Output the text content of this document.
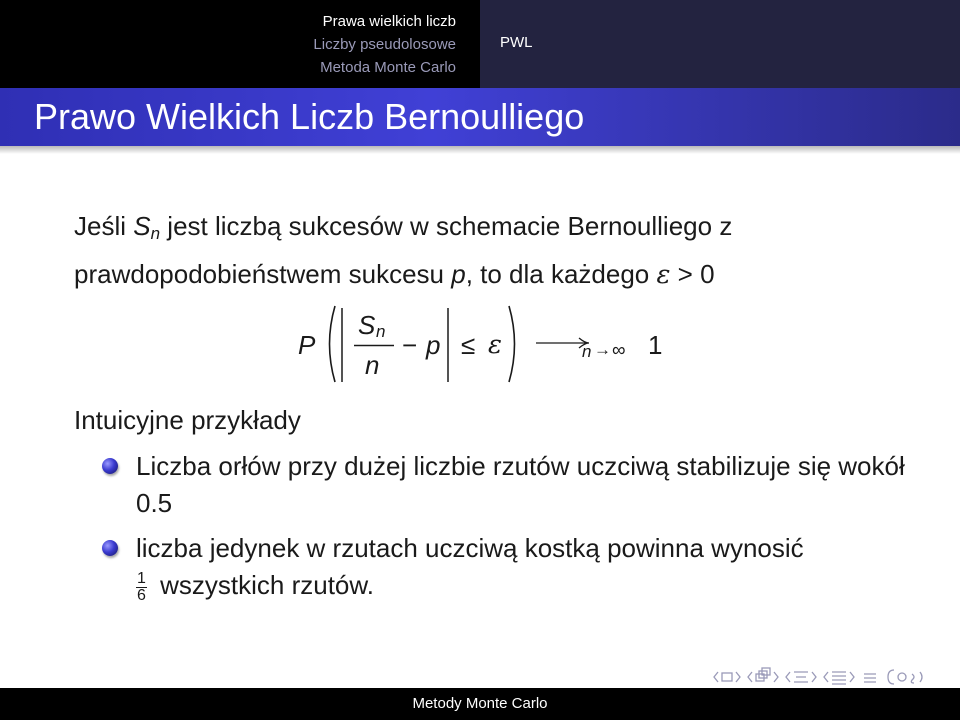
Prawa wielkich liczb
Liczby pseudolosowe
Metoda Monte Carlo
PWL
Prawo Wielkich Liczb Bernoulliego
Jeśli $S_n$ jest liczbą sukcesów w schemacie Bernoulliego z prawdopodobieństwem sukcesu p, to dla każdego ε > 0
P
S n
n
− p ≤ ε	n → ∞ 1
Intuicyjne przykłady
Liczba orłów przy dużej liczbie rzutów uczciwą stabilizuje się wokół 0.5
liczba jedynek w rzutach uczciwą kostką powinna wynosić

$\frac{1}{6}$ wszystkich rzutów.
Metody Monte Carlo
